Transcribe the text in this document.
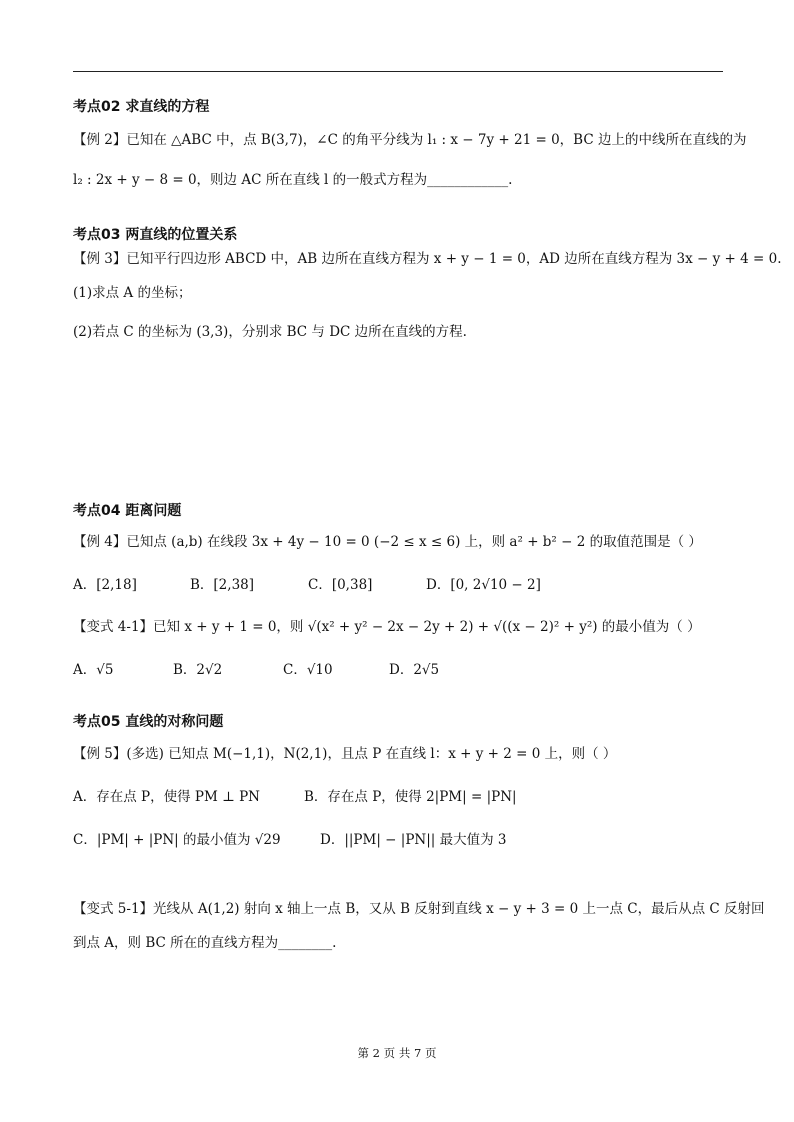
考点02 求直线的方程
【例 2】已知在 △ABC 中，点 B(3,7)，∠C 的角平分线为 l₁ : x − 7y + 21 = 0，BC 边上的中线所在直线的为
l₂ : 2x + y − 8 = 0，则边 AC 所在直线 l 的一般式方程为____________.
考点03 两直线的位置关系
【例 3】已知平行四边形 ABCD 中，AB 边所在直线方程为 x + y − 1 = 0，AD 边所在直线方程为 3x − y + 4 = 0.
(1)求点 A 的坐标；
(2)若点 C 的坐标为 (3,3)，分别求 BC 与 DC 边所在直线的方程.
考点04 距离问题
【例 4】已知点 (a,b) 在线段 3x + 4y − 10 = 0 (−2 ≤ x ≤ 6) 上，则 a² + b² − 2 的取值范围是（ ）
A．[2,18]	B．[2,38]	C．[0,38]	D．[0, 2√10 − 2]
【变式 4-1】已知 x + y + 1 = 0，则 √(x² + y² − 2x − 2y + 2) + √((x − 2)² + y²) 的最小值为（ ）
A．√5	B．2√2	C．√10	D．2√5
考点05 直线的对称问题
【例 5】(多选) 已知点 M(−1,1)，N(2,1)，且点 P 在直线 l：x + y + 2 = 0 上，则（ ）
A．存在点 P，使得 PM ⊥ PN	B．存在点 P，使得 2|PM| = |PN|
C．|PM| + |PN| 的最小值为 √29	D．||PM| − |PN|| 最大值为 3
【变式 5-1】光线从 A(1,2) 射向 x 轴上一点 B，又从 B 反射到直线 x − y + 3 = 0 上一点 C，最后从点 C 反射回
到点 A，则 BC 所在的直线方程为________.
第 2 页 共 7 页
